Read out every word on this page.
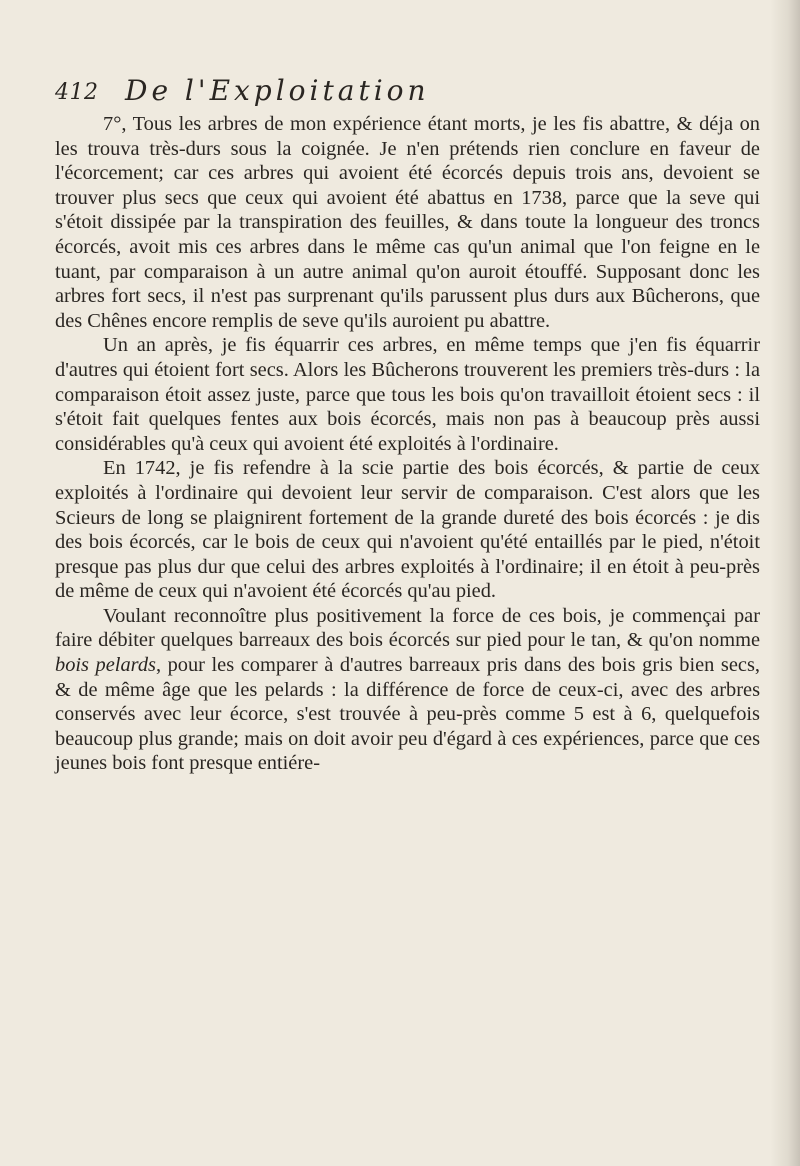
412 De l'Exploitation

7°, Tous les arbres de mon expérience étant morts, je les fis abattre, & déja on les trouva très-durs sous la coignée. Je n'en prétends rien conclure en faveur de l'écorcement; car ces arbres qui avoient été écorcés depuis trois ans, devoient se trouver plus secs que ceux qui avoient été abattus en 1738, parce que la seve qui s'étoit dissipée par la transpiration des feuilles, & dans toute la longueur des troncs écorcés, avoit mis ces arbres dans le même cas qu'un animal que l'on feigne en le tuant, par comparaison à un autre animal qu'on auroit étouffé. Supposant donc les arbres fort secs, il n'est pas surprenant qu'ils parussent plus durs aux Bûcherons, que des Chênes encore remplis de seve qu'ils auroient pu abattre.

Un an après, je fis équarrir ces arbres, en même temps que j'en fis équarrir d'autres qui étoient fort secs. Alors les Bûcherons trouverent les premiers très-durs : la comparaison étoit assez juste, parce que tous les bois qu'on travailloit étoient secs : il s'étoit fait quelques fentes aux bois écorcés, mais non pas à beaucoup près aussi considérables qu'à ceux qui avoient été exploités à l'ordinaire.

En 1742, je fis refendre à la scie partie des bois écorcés, & partie de ceux exploités à l'ordinaire qui devoient leur servir de comparaison. C'est alors que les Scieurs de long se plaignirent fortement de la grande dureté des bois écorcés : je dis des bois écorcés, car le bois de ceux qui n'avoient qu'été entaillés par le pied, n'étoit presque pas plus dur que celui des arbres exploités à l'ordinaire; il en étoit à peu-près de même de ceux qui n'avoient été écorcés qu'au pied.

Voulant reconnoître plus positivement la force de ces bois, je commençai par faire débiter quelques barreaux des bois écorcés sur pied pour le tan, & qu'on nomme bois pelards, pour les comparer à d'autres barreaux pris dans des bois gris bien secs, & de même âge que les pelards : la différence de force de ceux-ci, avec des arbres conservés avec leur écorce, s'est trouvée à peu-près comme 5 est à 6, quelquefois beaucoup plus grande; mais on doit avoir peu d'égard à ces expériences, parce que ces jeunes bois font presque entiére-
